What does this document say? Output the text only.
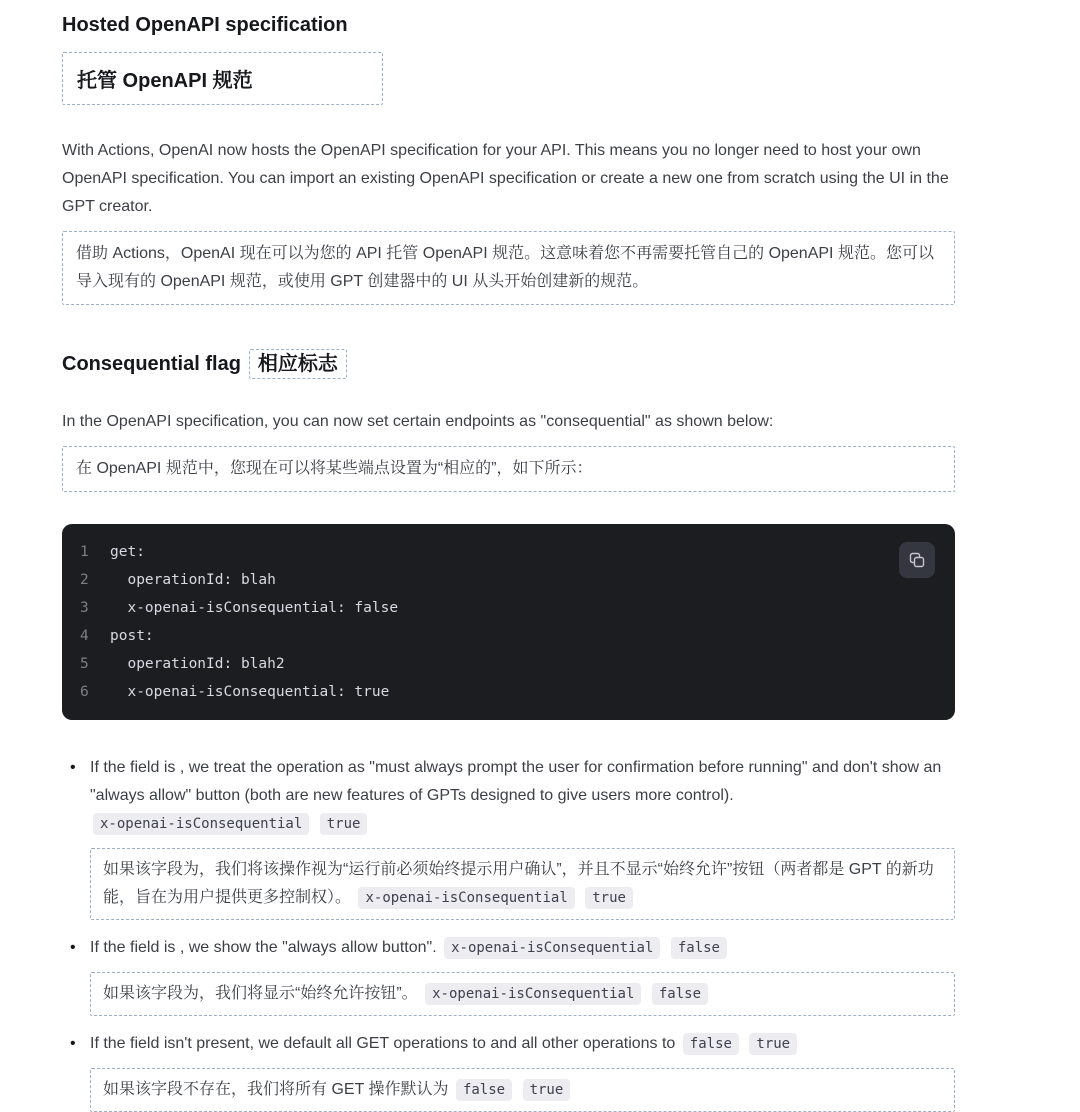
Hosted OpenAPI specification
托管 OpenAPI 规范

With Actions, OpenAI now hosts the OpenAPI specification for your API. This means you no longer need to host your own OpenAPI specification. You can import an existing OpenAPI specification or create a new one from scratch using the UI in the GPT creator.

借助 Actions，OpenAI 现在可以为您的 API 托管 OpenAPI 规范。这意味着您不再需要托管自己的 OpenAPI 规范。您可以导入现有的 OpenAPI 规范，或使用 GPT 创建器中的 UI 从头开始创建新的规范。
Consequential flag 相应标志

In the OpenAPI specification, you can now set certain endpoints as "consequential" as shown below:

在 OpenAPI 规范中，您现在可以将某些端点设置为“相应的”，如下所示：
1	get:
2	operationId: blah
3	x-openai-isConsequential: false
4	post:
5	operationId: blah2
6	x-openai-isConsequential: true
• If the field is , we treat the operation as "must always prompt the user for confirmation before running" and don't show an "always allow" button (both are new features of GPTs designed to give users more control). x-openai-isConsequential true
如果该字段为，我们将该操作视为“运行前必须始终提示用户确认”，并且不显示“始终允许”按钮（两者都是 GPT 的新功能，旨在为用户提供更多控制权）。 x-openai-isConsequential true
• If the field is , we show the "always allow button". x-openai-isConsequential false
如果该字段为，我们将显示“始终允许按钮”。 x-openai-isConsequential false
• If the field isn't present, we default all GET operations to and all other operations to false true
如果该字段不存在，我们将所有 GET 操作默认为 false true
